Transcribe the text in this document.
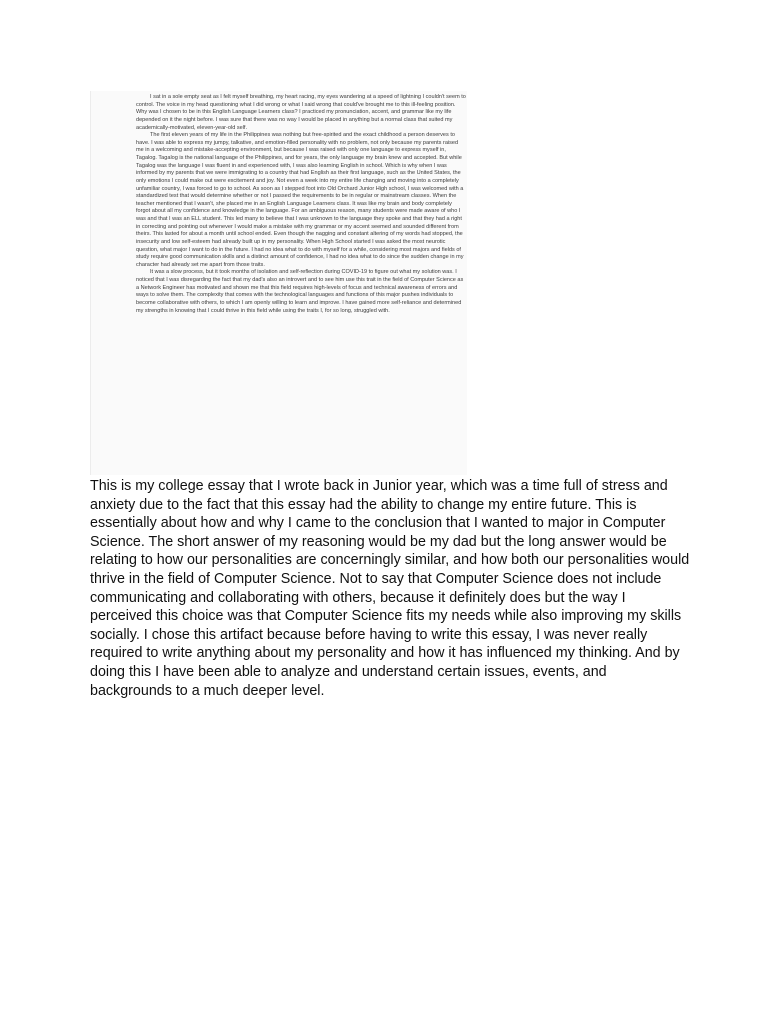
I sat in a sole empty seat as I felt myself breathing, my heart racing, my eyes wandering at a speed of lightning I couldn't seem to control. The voice in my head questioning what I did wrong or what I said wrong that could've brought me to this ill-feeling position. Why was I chosen to be in this English Language Learners class? I practiced my pronunciation, accent, and grammar like my life depended on it the night before. I was sure that there was no way I would be placed in anything but a normal class that suited my academically-motivated, eleven-year-old self.

The first eleven years of my life in the Philippines was nothing but free-spirited and the exact childhood a person deserves to have. I was able to express my jumpy, talkative, and emotion-filled personality with no problem, not only because my parents raised me in a welcoming and mistake-accepting environment, but because I was raised with only one language to express myself in, Tagalog. Tagalog is the national language of the Philippines, and for years, the only language my brain knew and accepted. But while Tagalog was the language I was fluent in and experienced with, I was also learning English in school. Which is why when I was informed by my parents that we were immigrating to a country that had English as their first language, such as the United States, the only emotions I could make out were excitement and joy. Not even a week into my entire life changing and moving into a completely unfamiliar country, I was forced to go to school. As soon as I stepped foot into Old Orchard Junior High school, I was welcomed with a standardized test that would determine whether or not I passed the requirements to be in regular or mainstream classes. When the teacher mentioned that I wasn't, she placed me in an English Language Learners class. It was like my brain and body completely forgot about all my confidence and knowledge in the language. For an ambiguous reason, many students were made aware of who I was and that I was an ELL student. This led many to believe that I was unknown to the language they spoke and that they had a right in correcting and pointing out whenever I would make a mistake with my grammar or my accent seemed and sounded different from theirs. This lasted for about a month until school ended. Even though the nagging and constant altering of my words had stopped, the insecurity and low self-esteem had already built up in my personality. When High School started I was asked the most neurotic question, what major I want to do in the future. I had no idea what to do with myself for a while, considering most majors and fields of study require good communication skills and a distinct amount of confidence, I had no idea what to do since the sudden change in my character had already set me apart from those traits.

It was a slow process, but it took months of isolation and self-reflection during COVID-19 to figure out what my solution was. I noticed that I was disregarding the fact that my dad's also an introvert and to see him use this trait in the field of Computer Science as a Network Engineer has motivated and shown me that this field requires high-levels of focus and technical awareness of errors and ways to solve them. The complexity that comes with the technological languages and functions of this major pushes individuals to become collaborative with others, to which I am openly willing to learn and improve. I have gained more self-reliance and determined my strengths in knowing that I could thrive in this field while using the traits I, for so long, struggled with.

This is my college essay that I wrote back in Junior year, which was a time full of stress and anxiety due to the fact that this essay had the ability to change my entire future. This is essentially about how and why I came to the conclusion that I wanted to major in Computer Science. The short answer of my reasoning would be my dad but the long answer would be relating to how our personalities are concerningly similar, and how both our personalities would thrive in the field of Computer Science. Not to say that Computer Science does not include communicating and collaborating with others, because it definitely does but the way I perceived this choice was that Computer Science fits my needs while also improving my skills socially. I chose this artifact because before having to write this essay, I was never really required to write anything about my personality and how it has influenced my thinking. And by doing this I have been able to analyze and understand certain issues, events, and backgrounds to a much deeper level.
